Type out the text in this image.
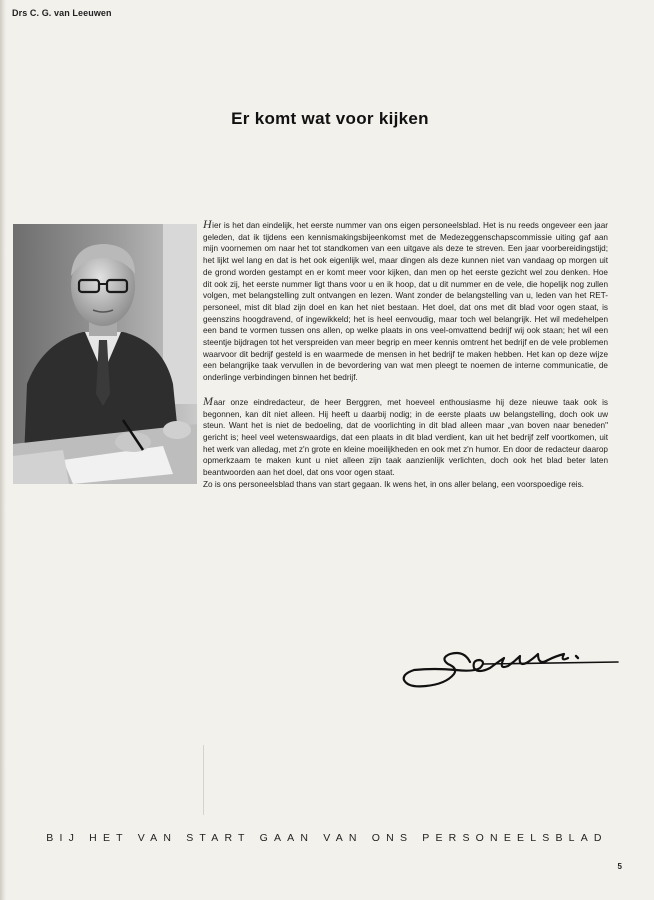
Drs C. G. van Leeuwen
Er komt wat voor kijken

Hier is het dan eindelijk, het eerste nummer van ons eigen personeelsblad. Het is nu reeds ongeveer een jaar geleden, dat ik tijdens een kennismakingsbijeenkomst met de Medezeggenschapscommissie uiting gaf aan mijn voornemen om naar het tot standkomen van een uitgave als deze te streven. Een jaar voorbereidingstijd; het lijkt wel lang en dat is het ook eigenlijk wel, maar dingen als deze kunnen niet van vandaag op morgen uit de grond worden gestampt en er komt meer voor kijken, dan men op het eerste gezicht wel zou denken. Hoe dit ook zij, het eerste nummer ligt thans voor u en ik hoop, dat u dit nummer en de vele, die hopelijk nog zullen volgen, met belangstelling zult ontvangen en lezen. Want zonder de belangstelling van u, leden van het RET-personeel, mist dit blad zijn doel en kan het niet bestaan. Het doel, dat ons met dit blad voor ogen staat, is geenszins hoogdravend, of ingewikkeld; het is heel eenvoudig, maar toch wel belangrijk. Het wil medehelpen een band te vormen tussen ons allen, op welke plaats in ons veel-omvattend bedrijf wij ook staan; het wil een steentje bijdragen tot het verspreiden van meer begrip en meer kennis omtrent het bedrijf en de vele problemen waarvoor dit bedrijf gesteld is en waarmede de mensen in het bedrijf te maken hebben. Het kan op deze wijze een belangrijke taak vervullen in de bevordering van wat men pleegt te noemen de interne communicatie, de onderlinge verbindingen binnen het bedrijf.

Maar onze eindredacteur, de heer Berggren, met hoeveel enthousiasme hij deze nieuwe taak ook is begonnen, kan dit niet alleen. Hij heeft u daarbij nodig; in de eerste plaats uw belangstelling, doch ook uw steun. Want het is niet de bedoeling, dat de voorlichting in dit blad alleen maar „van boven naar beneden" gericht is; heel veel wetenswaardigs, dat een plaats in dit blad verdient, kan uit het bedrijf zelf voortkomen, uit het werk van alledag, met z'n grote en kleine moeilijkheden en ook met z'n humor. En door de redacteur daarop opmerkzaam te maken kunt u niet alleen zijn taak aanzienlijk verlichten, doch ook het blad beter laten beantwoorden aan het doel, dat ons voor ogen staat.

Zo is ons personeelsblad thans van start gegaan. Ik wens het, in ons aller belang, een voorspoedige reis.

BIJ HET VAN START GAAN VAN ONS PERSONEELSBLAD
5
